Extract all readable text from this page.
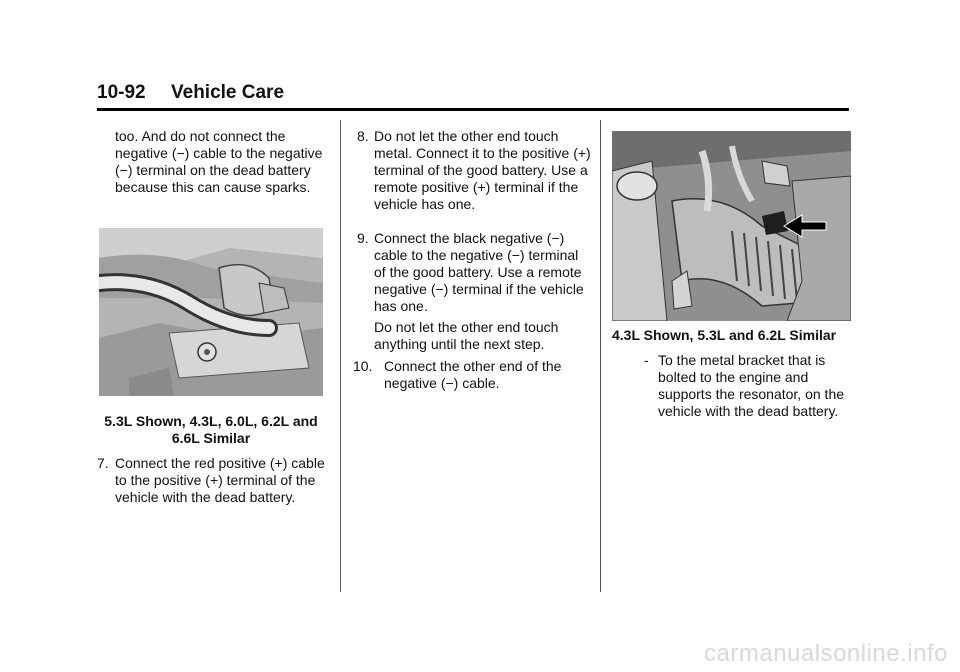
10-92 Vehicle Care

too. And do not connect the negative (−) cable to the negative (−) terminal on the dead battery because this can cause sparks.

5.3L Shown, 4.3L, 6.0L, 6.2L and

6.6L Similar

7. Connect the red positive (+) cable to the positive (+) terminal of the vehicle with the dead battery.

8. Do not let the other end touch metal. Connect it to the positive (+) terminal of the good battery. Use a remote positive (+) terminal if the vehicle has one.

9. Connect the black negative (−) cable to the negative (−) terminal of the good battery. Use a remote negative (−) terminal if the vehicle has one.

Do not let the other end touch anything until the next step.

10. Connect the other end of the negative (−) cable.

4.3L Shown, 5.3L and 6.2L Similar

- To the metal bracket that is bolted to the engine and supports the resonator, on the vehicle with the dead battery.

carmanualsonline.info
